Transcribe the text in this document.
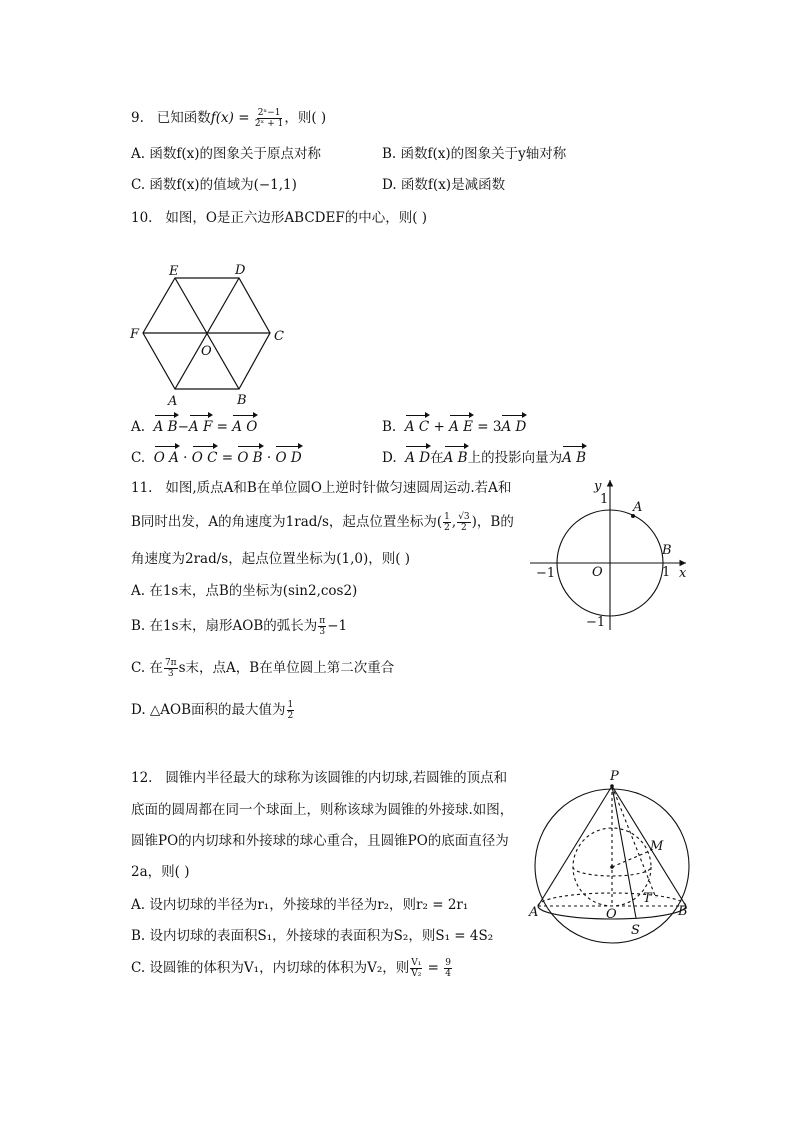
9. 已知函数$f(x) = \frac{\text{2ˣ−1}}{\text{2ˣ + 1}}$ ，则( )
A. 函数f(x)的图象关于原点对称	B. 函数f(x)的图象关于y轴对称
C. 函数f(x)的值域为(−1,1)	D. 函数f(x)是减函数
10. 如图，O是正六边形ABCDEF的中心，则( )
E	D
F	C
O
A	B
A. A B−A F = A O	B. A C + A E = 3A D
C. O A · O C = O B · O D	D. A D在A B上的投影向量为A B
11. 如图,质点A和B在单位圆O上逆时针做匀速圆周运动.若A和
B同时出发，A的角速度为1rad/s，起点位置坐标为( $\frac{1}{2}$ , $\frac{√3}{2}$ )，B的
角速度为2rad/s，起点位置坐标为(1,0)，则( )
A. 在1s末，点B的坐标为(sin2,cos2)
B. 在1s末，扇形AOB的弧长为 $\frac{\pi}{3} -1$
C. 在 $\frac{7\pi}{3}$ s末，点A，B在单位圆上第二次重合
D. △AOB面积的最大值为 $\frac{1}{2}$
y
1
A
B
−1	O	1 x
−1
12. 圆锥内半径最大的球称为该圆锥的内切球,若圆锥的顶点和
底面的圆周都在同一个球面上，则称该球为圆锥的外接球.如图，
圆锥PO的内切球和外接球的球心重合，且圆锥PO的底面直径为
2a，则( )
A. 设内切球的半径为r₁，外接球的半径为r₂，则r₂ = 2r₁
B. 设内切球的表面积S₁，外接球的表面积为S₂，则S₁ = 4S₂
C. 设圆锥的体积为V₁，内切球的体积为V₂，则 $\frac{\text{V₁}}{\text{V₂}} = \frac{9}{4}$
P
M
T
A	O	B
S
